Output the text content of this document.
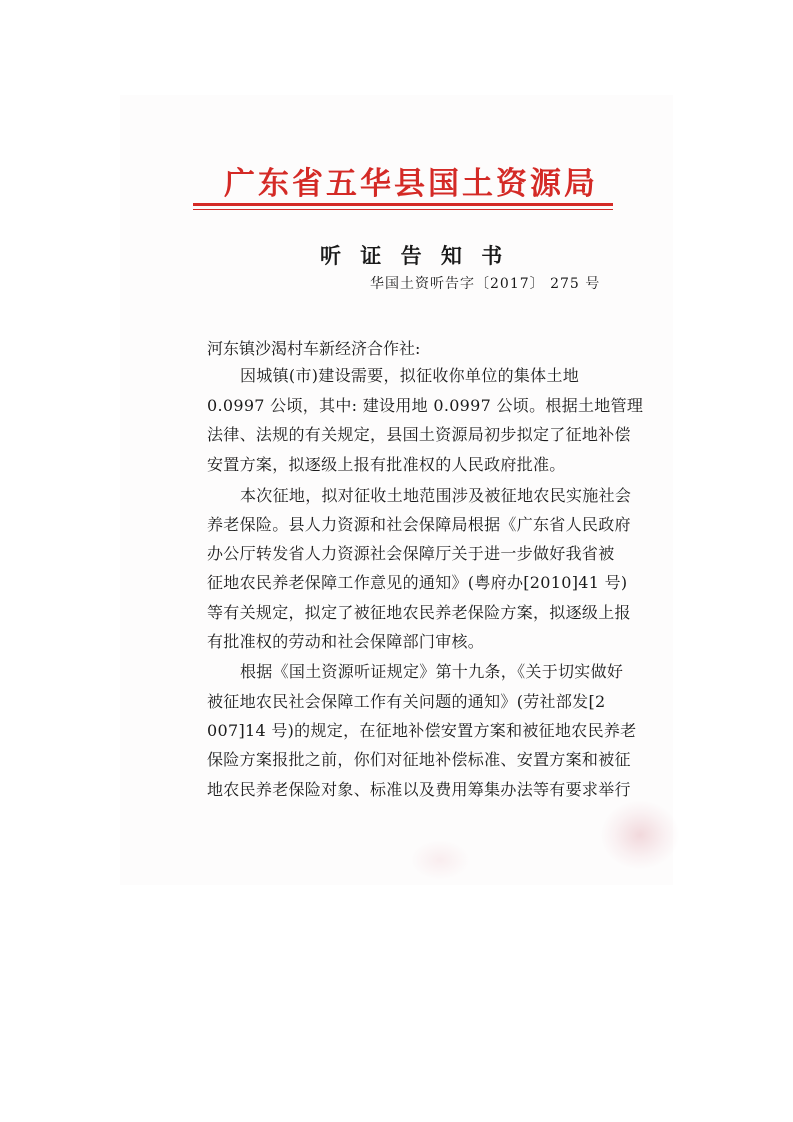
广东省五华县国土资源局
听 证 告 知 书
华国土资听告字〔2017〕 275 号
河东镇沙渴村车新经济合作社:
因城镇(市)建设需要，拟征收你单位的集体土地
0.0997 公顷，其中: 建设用地 0.0997 公顷。根据土地管理
法律、法规的有关规定，县国土资源局初步拟定了征地补偿
安置方案，拟逐级上报有批准权的人民政府批准。
本次征地，拟对征收土地范围涉及被征地农民实施社会
养老保险。县人力资源和社会保障局根据《广东省人民政府
办公厅转发省人力资源社会保障厅关于进一步做好我省被
征地农民养老保障工作意见的通知》(粤府办[2010]41 号)
等有关规定，拟定了被征地农民养老保险方案，拟逐级上报
有批准权的劳动和社会保障部门审核。
根据《国土资源听证规定》第十九条，《关于切实做好
被征地农民社会保障工作有关问题的通知》(劳社部发[2
007]14 号)的规定，在征地补偿安置方案和被征地农民养老
保险方案报批之前，你们对征地补偿标准、安置方案和被征
地农民养老保险对象、标准以及费用筹集办法等有要求举行
